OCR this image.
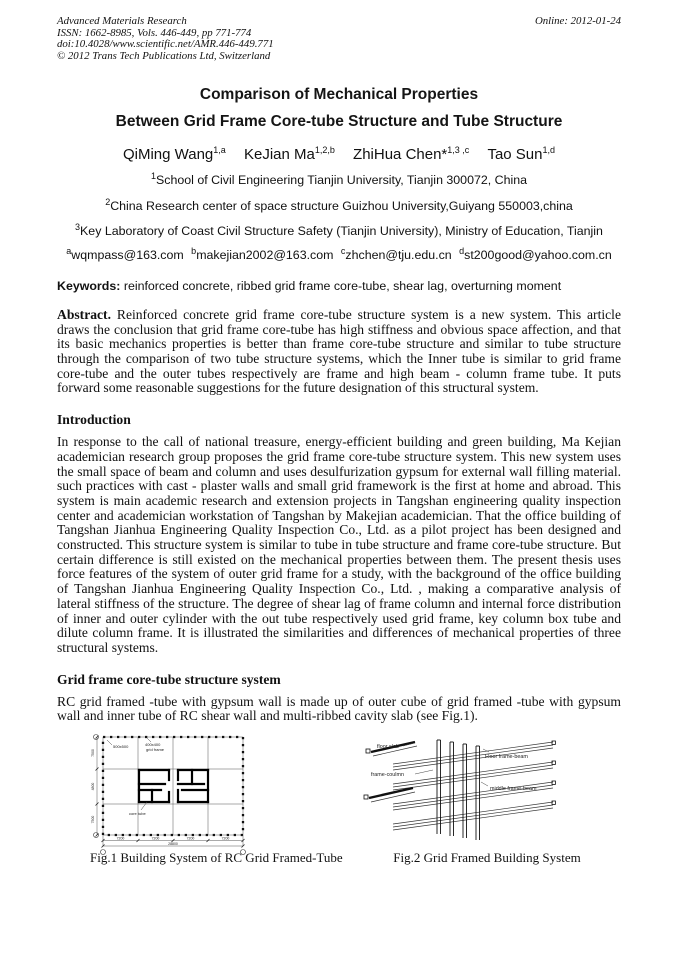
Advanced Materials Research
ISSN: 1662-8985, Vols. 446-449, pp 771-774
doi:10.4028/www.scientific.net/AMR.446-449.771
© 2012 Trans Tech Publications Ltd, Switzerland
Online: 2012-01-24
Comparison of Mechanical Properties
Between Grid Frame Core-tube Structure and Tube Structure
QiMing Wang$^{1,a}$ KeJian Ma$^{1,2,b}$ ZhiHua Chen*$^{1,3 ,c}$ Tao Sun$^{1,d}$
$^1$School of Civil Engineering Tianjin University, Tianjin 300072, China
$^2$China Research center of space structure Guizhou University,Guiyang 550003,china
$^3$Key Laboratory of Coast Civil Structure Safety (Tianjin University), Ministry of Education, Tianjin
$^a$wqmpass@163.com $^b$makejian2002@163.com $^c$zhchen@tju.edu.cn $^d$st200good@yahoo.com.cn
Keywords: reinforced concrete, ribbed grid frame core-tube, shear lag, overturning moment

Abstract. Reinforced concrete grid frame core-tube structure system is a new system. This article draws the conclusion that grid frame core-tube has high stiffness and obvious space affection, and that its basic mechanics properties is better than frame core-tube structure and similar to tube structure through the comparison of two tube structure systems, which the Inner tube is similar to grid frame core-tube and the outer tubes respectively are frame and high beam - column frame tube. It puts forward some reasonable suggestions for the future designation of this structural system.

Introduction

In response to the call of national treasure, energy-efficient building and green building, Ma Kejian academician research group proposes the grid frame core-tube structure system. This new system uses the small space of beam and column and uses desulfurization gypsum for external wall filling material. such practices with cast - plaster walls and small grid framework is the first at home and abroad. This system is main academic research and extension projects in Tangshan engineering quality inspection center and academician workstation of Tangshan by Makejian academician. That the office building of Tangshan Jianhua Engineering Quality Inspection Co., Ltd. as a pilot project has been designed and constructed. This structure system is similar to tube in tube structure and frame core-tube structure. But certain difference is still existed on the mechanical properties between them. The present thesis uses force features of the system of outer grid frame for a study, with the background of the office building of Tangshan Jianhua Engineering Quality Inspection Co., Ltd. , making a comparative analysis of lateral stiffness of the structure. The degree of shear lag of frame column and internal force distribution of inner and outer cylinder with the out tube respectively used grid frame, key column box tube and dilute column frame. It is illustrated the similarities and differences of mechanical properties of three structural systems.

Grid frame core-tube structure system

RC grid framed -tube with gypsum wall is made up of outer cube of grid framed -tube with gypsum wall and inner tube of RC shear wall and multi-ribbed cavity slab (see Fig.1).

500x500	400x400
grid frame
core tube
7500
4800
7500
7200	7200	7200	7200
28800
floor slab
frame-coulmn
Floor frame-beam
middle frame-beam
Fig.1 Building System of RC Grid Framed-Tube	Fig.2 Grid Framed Building System
